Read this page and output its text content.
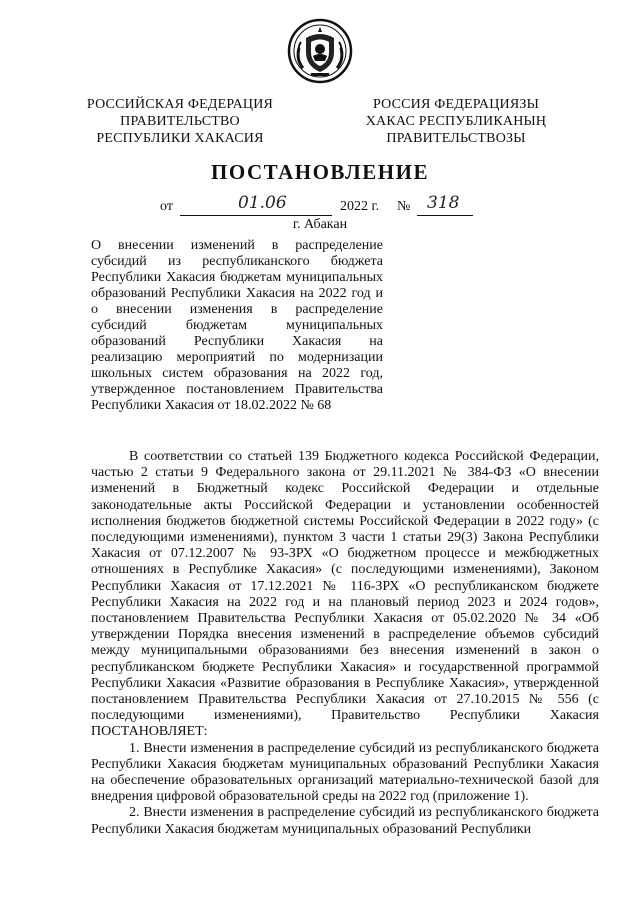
РОССИЙСКАЯ ФЕДЕРАЦИЯ
ПРАВИТЕЛЬСТВО
РЕСПУБЛИКИ ХАКАСИЯ
РОССИЯ ФЕДЕРАЦИЯЗЫ
ХАКАС РЕСПУБЛИКАНЫҢ
ПРАВИТЕЛЬСТВОЗЫ
ПОСТАНОВЛЕНИЕ
от	01.06	2022 г. № 318
г. Абакан
О внесении изменений в распределение субсидий из республиканского бюджета Республики Хакасия бюджетам муниципальных образований Республики Хакасия на 2022 год и о внесении изменения в распределение субсидий бюджетам муниципальных образований Республики Хакасия на реализацию мероприятий по модернизации школьных систем образования на 2022 год, утвержденное постановлением Правительства Республики Хакасия от 18.02.2022 № 68

В соответствии со статьей 139 Бюджетного кодекса Российской Федерации, частью 2 статьи 9 Федерального закона от 29.11.2021 № 384-ФЗ «О внесении изменений в Бюджетный кодекс Российской Федерации и отдельные законодательные акты Российской Федерации и установлении особенностей исполнения бюджетов бюджетной системы Российской Федерации в 2022 году» (с последующими изменениями), пунктом 3 части 1 статьи 29(3) Закона Республики Хакасия от 07.12.2007 № 93-ЗРХ «О бюджетном процессе и межбюджетных отношениях в Республике Хакасия» (с последующими изменениями), Законом Республики Хакасия от 17.12.2021 № 116-ЗРХ «О республиканском бюджете Республики Хакасия на 2022 год и на плановый период 2023 и 2024 годов», постановлением Правительства Республики Хакасия от 05.02.2020 № 34 «Об утверждении Порядка внесения изменений в распределение объемов субсидий между муниципальными образованиями без внесения изменений в закон о республиканском бюджете Республики Хакасия» и государственной программой Республики Хакасия «Развитие образования в Республике Хакасия», утвержденной постановлением Правительства Республики Хакасия от 27.10.2015 № 556 (с последующими изменениями), Правительство Республики Хакасия ПОСТАНОВЛЯЕТ:

1. Внести изменения в распределение субсидий из республиканского бюджета Республики Хакасия бюджетам муниципальных образований Республики Хакасия на обеспечение образовательных организаций материально-технической базой для внедрения цифровой образовательной среды на 2022 год (приложение 1).

2. Внести изменения в распределение субсидий из республиканского бюджета Республики Хакасия бюджетам муниципальных образований Республики
